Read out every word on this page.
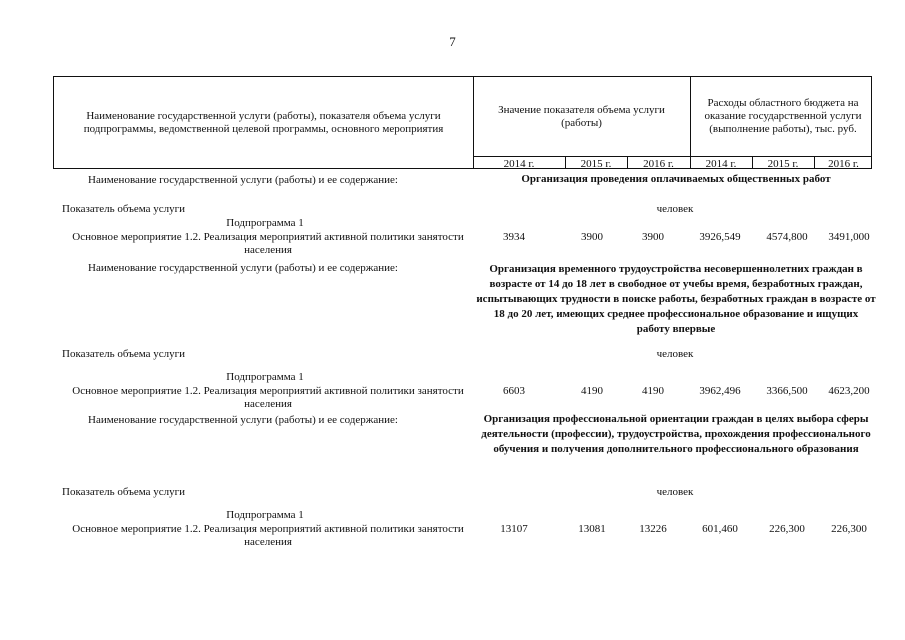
7
Наименование государственной услуги (работы), показателя объема услуги подпрограммы, ведомственной целевой программы, основного мероприятия
Значение показателя объема услуги (работы)
Расходы областного бюджета на оказание государственной услуги (выполнение работы), тыс. руб.
2014 г.	2015 г.	2016 г.	2014 г.	2015 г.	2016 г.
Наименование государственной услуги (работы) и ее содержание:	Организация проведения оплачиваемых общественных работ
Показатель объема услуги	человек
Подпрограмма 1
Основное мероприятие 1.2. Реализация мероприятий активной политики занятости населения
3934	3900	3900	3926,549	4574,800	3491,000
Наименование государственной услуги (работы) и ее содержание:	Организация временного трудоустройства несовершеннолетних граждан в возрасте от 14 до 18 лет в свободное от учебы время, безработных граждан, испытывающих трудности в поиске работы, безработных граждан в возрасте от 18 до 20 лет, имеющих среднее профессиональное образование и ищущих работу впервые
Показатель объема услуги	человек
Подпрограмма 1
Основное мероприятие 1.2. Реализация мероприятий активной политики занятости населения
6603	4190	4190	3962,496	3366,500	4623,200
Наименование государственной услуги (работы) и ее содержание:	Организация профессиональной ориентации граждан в целях выбора сферы деятельности (профессии), трудоустройства, прохождения профессионального обучения и получения дополнительного профессионального образования
Показатель объема услуги	человек
Подпрограмма 1
Основное мероприятие 1.2. Реализация мероприятий активной политики занятости населения
13107	13081	13226	601,460	226,300	226,300
